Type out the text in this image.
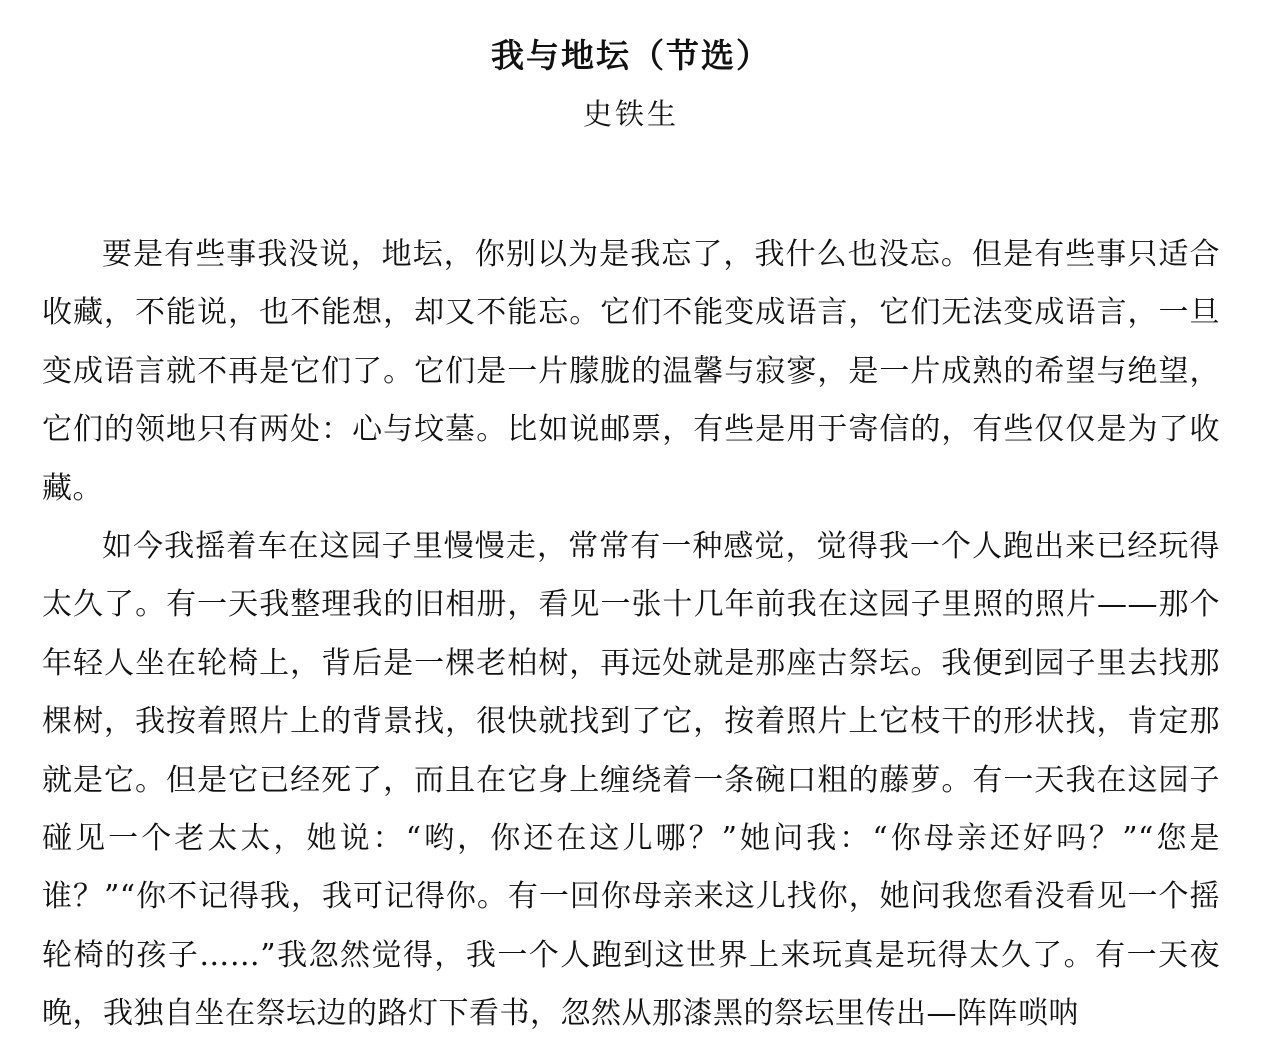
我与地坛（节选）

史铁生

要是有些事我没说，地坛，你别以为是我忘了，我什么也没忘。但是有些事只适合收藏，不能说，也不能想，却又不能忘。它们不能变成语言，它们无法变成语言，一旦变成语言就不再是它们了。它们是一片朦胧的温馨与寂寥，是一片成熟的希望与绝望，它们的领地只有两处：心与坟墓。比如说邮票，有些是用于寄信的，有些仅仅是为了收藏。

如今我摇着车在这园子里慢慢走，常常有一种感觉，觉得我一个人跑出来已经玩得太久了。有一天我整理我的旧相册，看见一张十几年前我在这园子里照的照片——那个年轻人坐在轮椅上，背后是一棵老柏树，再远处就是那座古祭坛。我便到园子里去找那棵树，我按着照片上的背景找，很快就找到了它，按着照片上它枝干的形状找，肯定那就是它。但是它已经死了，而且在它身上缠绕着一条碗口粗的藤萝。有一天我在这园子碰见一个老太太，她说：“哟，你还在这儿哪？”她问我：“你母亲还好吗？”“您是谁？”“你不记得我，我可记得你。有一回你母亲来这儿找你，她问我您看没看见一个摇轮椅的孩子……”我忽然觉得，我一个人跑到这世界上来玩真是玩得太久了。有一天夜晚，我独自坐在祭坛边的路灯下看书，忽然从那漆黑的祭坛里传出—阵阵唢呐
